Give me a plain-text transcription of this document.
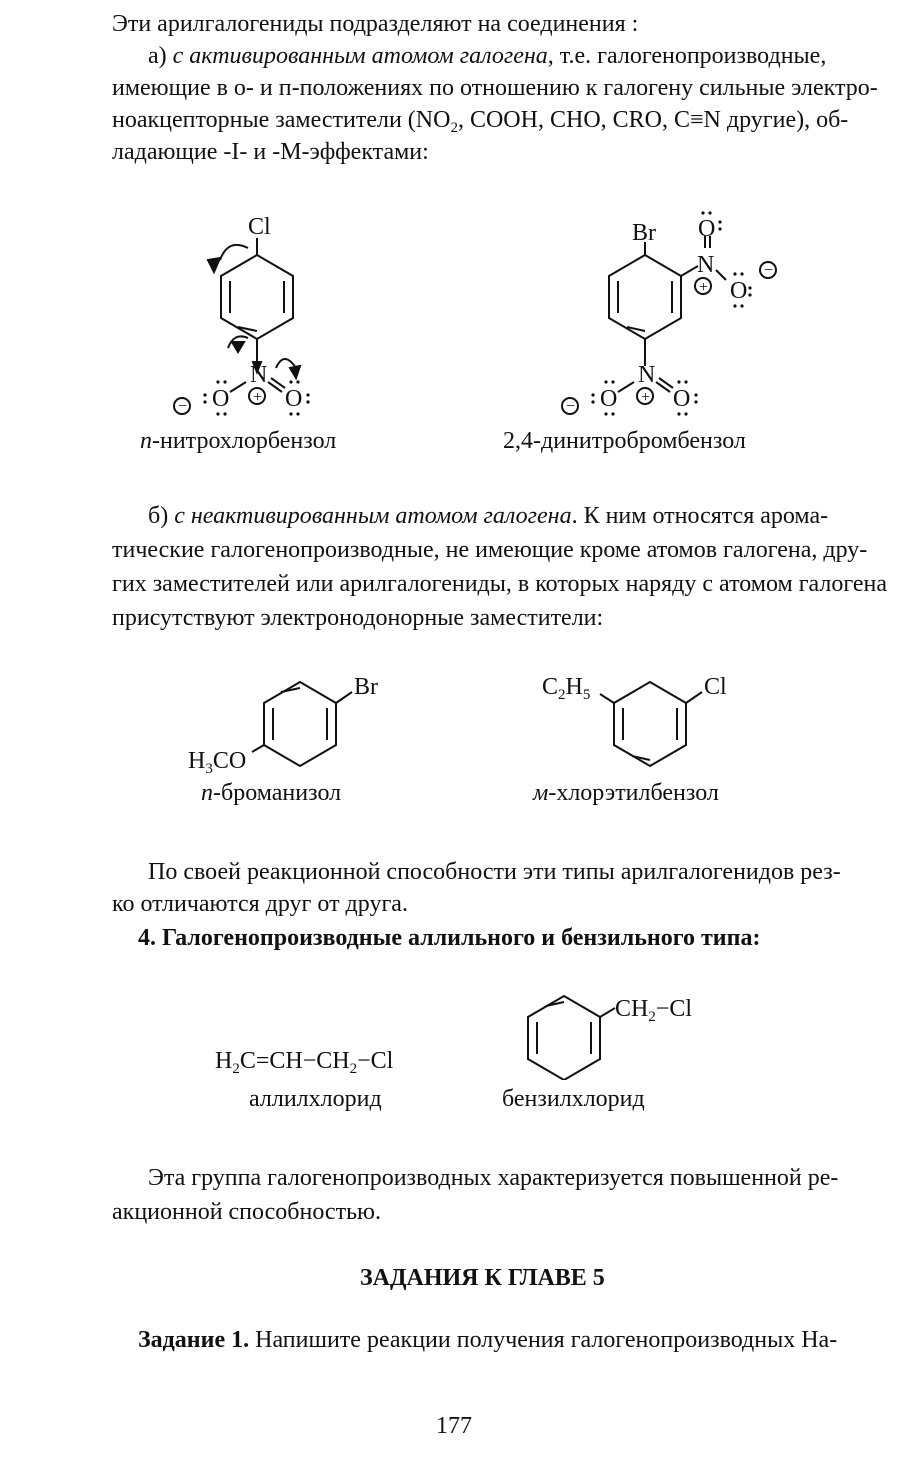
Эти арилгалогениды подразделяют на соединения :
а) с активированным атомом галогена, т.е. галогенопроизводные,
имеющие в о- и п-положениях по отношению к галогену сильные электро-
ноакцепторные заместители ($NO_2$, COOH, CHO, CRO, C≡N другие), об-
ладающие -I- и -M-эффектами:
Cl
N
O O
+
−
Br O
N
O
N
O O
+
+
−
−
п-нитрохлорбензол	2,4-динитробромбензол
б) с неактивированным атомом галогена. К ним относятся арома-
тические галогенопроизводные, не имеющие кроме атомов галогена, дру-
гих заместителей или арилгалогениды, в которых наряду с атомом галогена
присутствуют электронодонорные заместители:
Br	Cl
$H_3CO$
$C_2H_5$
п-броманизол	м-хлорэтилбензол
По своей реакционной способности эти типы арилгалогенидов рез-
ко отличаются друг от друга.
4. Галогенопроизводные аллильного и бензильного типа:
$H_2C=CH-CH_2-Cl$
$CH_2-Cl$
аллилхлорид	бензилхлорид
Эта группа галогенопроизводных характеризуется повышенной ре-
акционной способностью.
ЗАДАНИЯ К ГЛАВЕ 5
Задание 1. Напишите реакции получения галогенопроизводных На-
177
